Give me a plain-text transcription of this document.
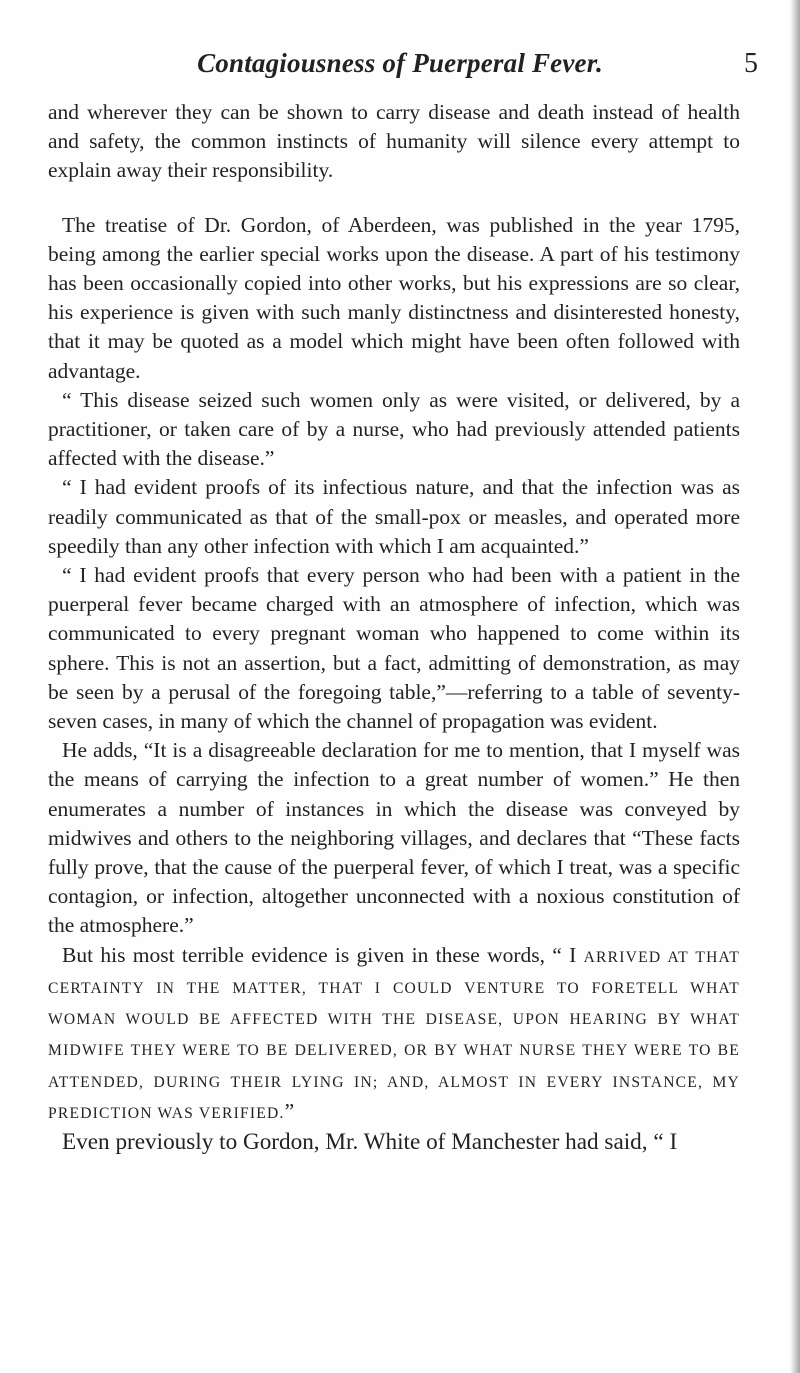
Contagiousness of Puerperal Fever.	5

and wherever they can be shown to carry disease and death instead of health and safety, the common instincts of humanity will silence every attempt to explain away their responsibility.

The treatise of Dr. Gordon, of Aberdeen, was published in the year 1795, being among the earlier special works upon the disease. A part of his testimony has been occasionally copied into other works, but his expressions are so clear, his experience is given with such manly distinctness and disinterested honesty, that it may be quoted as a model which might have been often followed with advantage.

“ This disease seized such women only as were visited, or delivered, by a practitioner, or taken care of by a nurse, who had previously attended patients affected with the disease.”

“ I had evident proofs of its infectious nature, and that the infection was as readily communicated as that of the small-pox or measles, and operated more speedily than any other infection with which I am acquainted.”

“ I had evident proofs that every person who had been with a patient in the puerperal fever became charged with an atmosphere of infection, which was communicated to every pregnant woman who happened to come within its sphere. This is not an assertion, but a fact, admitting of demonstration, as may be seen by a perusal of the foregoing table,”—referring to a table of seventy-seven cases, in many of which the channel of propagation was evident.

He adds, “It is a disagreeable declaration for me to mention, that I myself was the means of carrying the infection to a great number of women.” He then enumerates a number of instances in which the disease was conveyed by midwives and others to the neighboring villages, and declares that “These facts fully prove, that the cause of the puerperal fever, of which I treat, was a specific contagion, or infection, altogether unconnected with a noxious constitution of the atmosphere.”

But his most terrible evidence is given in these words, “ I ARRIVED AT THAT CERTAINTY IN THE MATTER, THAT I COULD VENTURE TO FORETELL WHAT WOMAN WOULD BE AFFECTED WITH THE DISEASE, UPON HEARING BY WHAT MIDWIFE THEY WERE TO BE DELIVERED, OR BY WHAT NURSE THEY WERE TO BE ATTENDED, DURING THEIR LYING IN; AND, ALMOST IN EVERY INSTANCE, MY PREDICTION WAS VERIFIED.”

Even previously to Gordon, Mr. White of Manchester had said, “ I
